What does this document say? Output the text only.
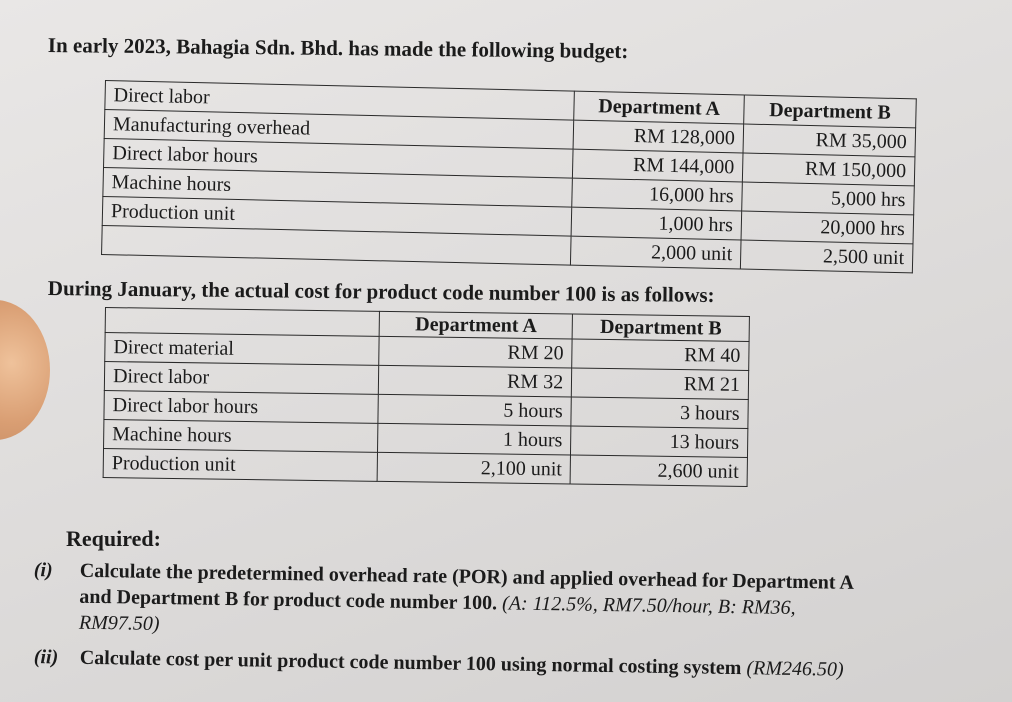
In early 2023, Bahagia Sdn. Bhd. has made the following budget:
Direct labor	Department A	Department B
Manufacturing overhead	RM 128,000	RM 35,000
Direct labor hours	RM 144,000	RM 150,000
Machine hours	16,000 hrs	5,000 hrs
Production unit	1,000 hrs	20,000 hrs
	2,000 unit	2,500 unit
During January, the actual cost for product code number 100 is as follows:
	Department A	Department B
Direct material	RM 20	RM 40
Direct labor	RM 32	RM 21
Direct labor hours	5 hours	3 hours
Machine hours	1 hours	13 hours
Production unit	2,100 unit	2,600 unit
Required:
(i) Calculate the predetermined overhead rate (POR) and applied overhead for Department A
and Department B for product code number 100. (A: 112.5%, RM7.50/hour, B: RM36,
RM97.50)
(ii) Calculate cost per unit product code number 100 using normal costing system (RM246.50)
